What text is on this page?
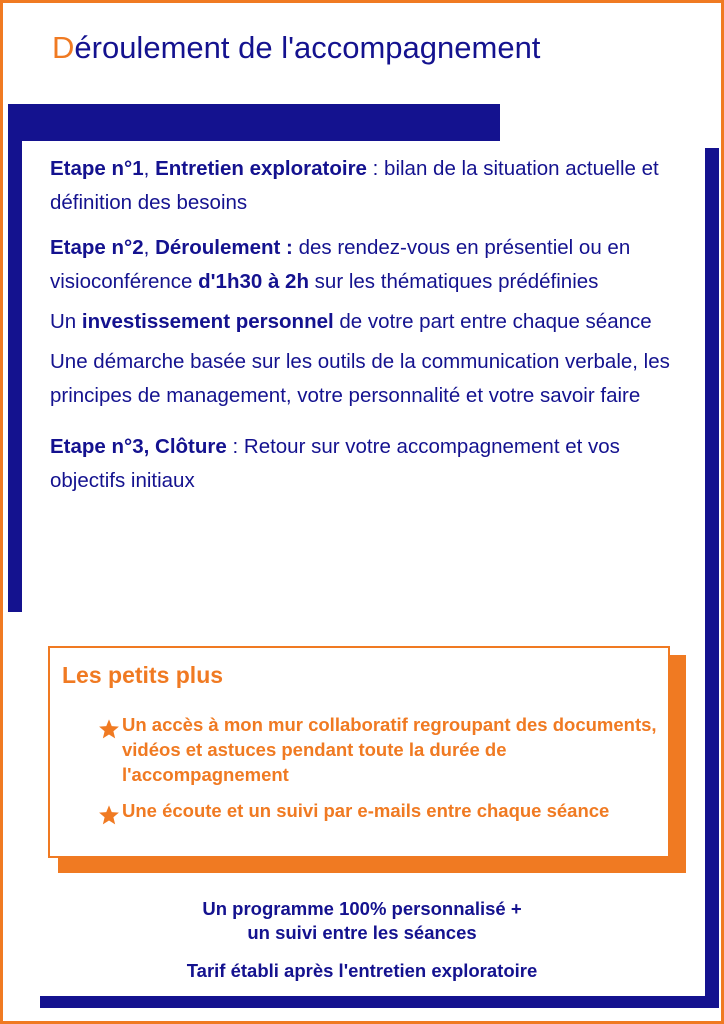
Déroulement de l'accompagnement

Etape n°1, Entretien exploratoire : bilan de la situation actuelle et définition des besoins

Etape n°2, Déroulement : des rendez-vous en présentiel ou en visioconférence d'1h30 à 2h sur les thématiques prédéfinies

Un investissement personnel de votre part entre chaque séance

Une démarche basée sur les outils de la communication verbale, les principes de management, votre personnalité et votre savoir faire

Etape n°3, Clôture : Retour sur votre accompagnement et vos objectifs initiaux

Les petits plus
Un accès à mon mur collaboratif regroupant des documents, vidéos et astuces pendant toute la durée de l'accompagnement
Une écoute et un suivi par e-mails entre chaque séance
Un programme 100% personnalisé +
un suivi entre les séances
Tarif établi après l'entretien exploratoire
